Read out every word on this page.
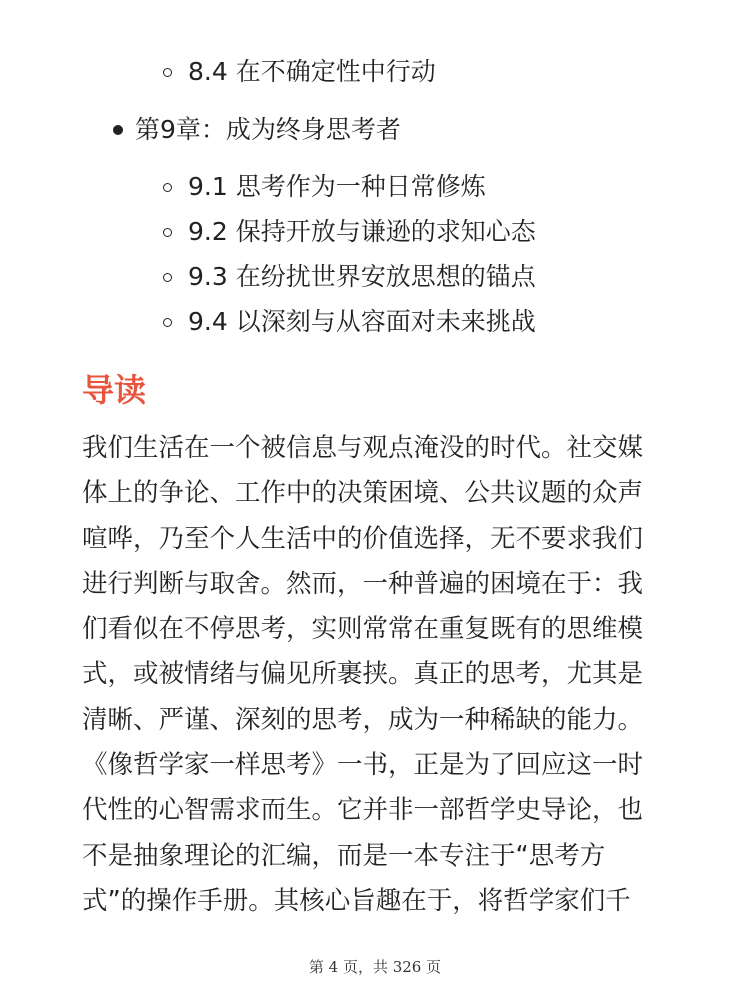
8.4 在不确定性中行动
第9章：成为终身思考者
9.1 思考作为一种日常修炼
9.2 保持开放与谦逊的求知心态
9.3 在纷扰世界安放思想的锚点
9.4 以深刻与从容面对未来挑战
导读
我们生活在一个被信息与观点淹没的时代。社交媒
体上的争论、工作中的决策困境、公共议题的众声
喧哗，乃至个人生活中的价值选择，无不要求我们
进行判断与取舍。然而，一种普遍的困境在于：我
们看似在不停思考，实则常常在重复既有的思维模
式，或被情绪与偏见所裹挟。真正的思考，尤其是
清晰、严谨、深刻的思考，成为一种稀缺的能力。
《像哲学家一样思考》一书，正是为了回应这一时
代性的心智需求而生。它并非一部哲学史导论，也
不是抽象理论的汇编，而是一本专注于“思考方
式”的操作手册。其核心旨趣在于，将哲学家们千
第 4 页，共 326 页
